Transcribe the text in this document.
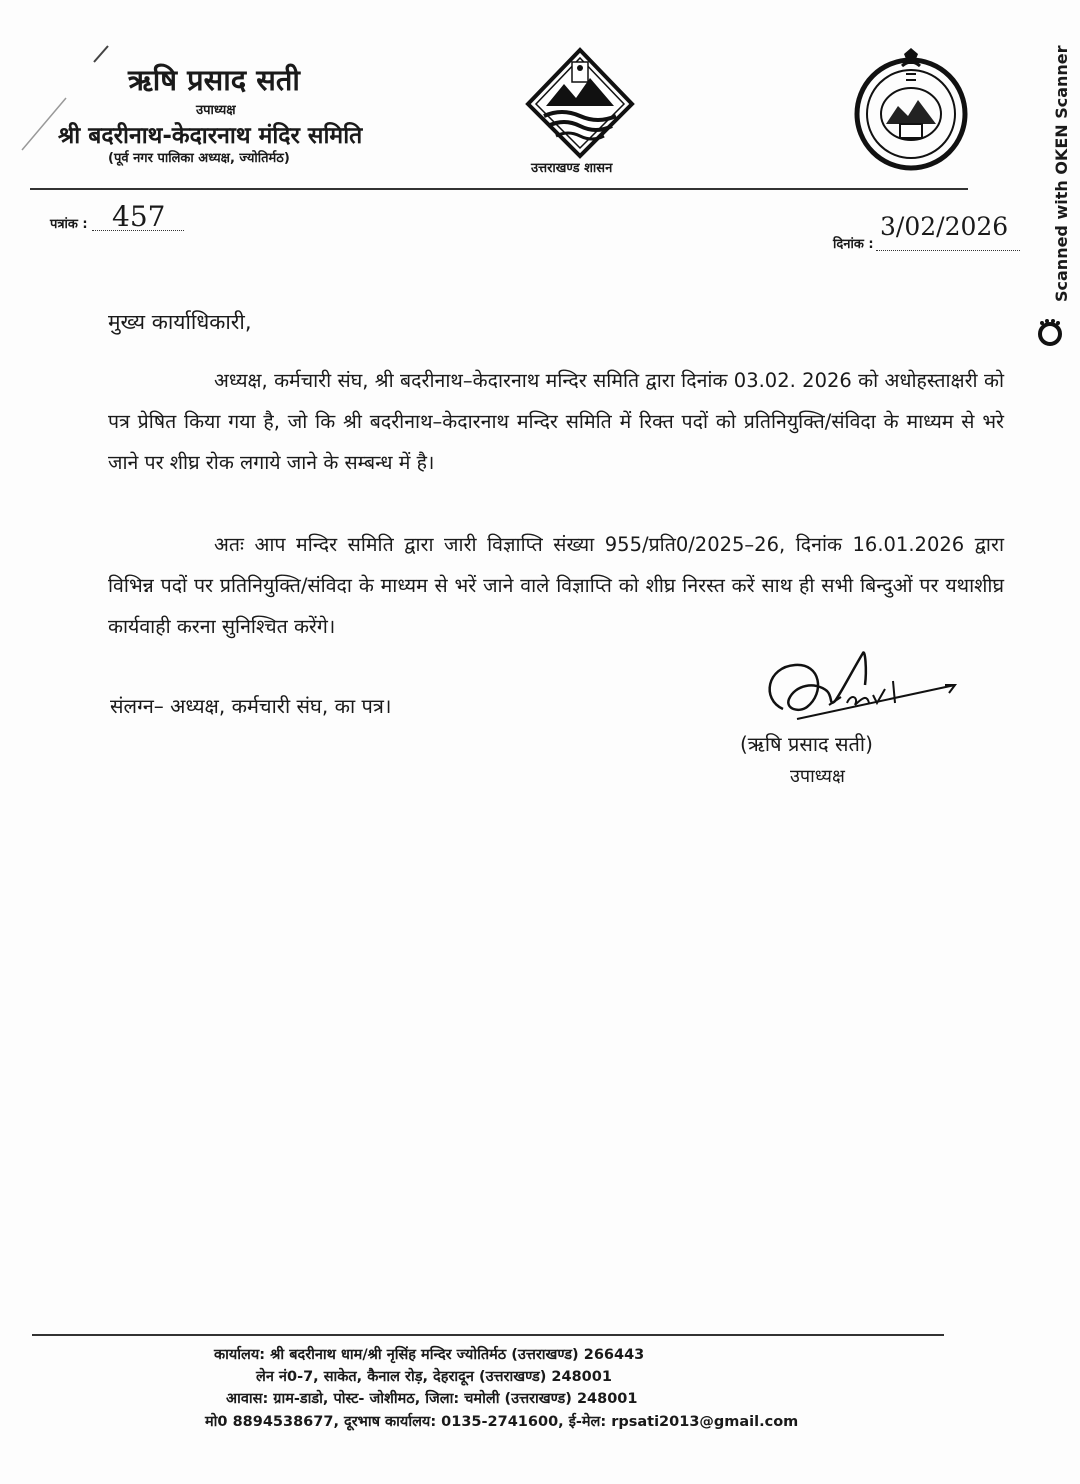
ऋषि प्रसाद सती
उपाध्यक्ष
श्री बदरीनाथ-केदारनाथ मंदिर समिति
(पूर्व नगर पालिका अध्यक्ष, ज्योतिर्मठ)
उत्तराखण्ड शासन
पत्रांक : 457
दिनांक :
3/02/2026
मुख्य कार्याधिकारी,
अध्यक्ष, कर्मचारी संघ, श्री बदरीनाथ–केदारनाथ मन्दिर समिति द्वारा दिनांक 03.02. 2026 को अधोहस्ताक्षरी को पत्र प्रेषित किया गया है, जो कि श्री बदरीनाथ–केदारनाथ मन्दिर समिति में रिक्त पदों को प्रतिनियुक्ति/संविदा के माध्यम से भरे जाने पर शीघ्र रोक लगाये जाने के सम्बन्ध में है।
अतः आप मन्दिर समिति द्वारा जारी विज्ञाप्ति संख्या 955/प्रति0/2025–26, दिनांक 16.01.2026 द्वारा विभिन्न पदों पर प्रतिनियुक्ति/संविदा के माध्यम से भरें जाने वाले विज्ञाप्ति को शीघ्र निरस्त करें साथ ही सभी बिन्दुओं पर यथाशीघ्र कार्यवाही करना सुनिश्चित करेंगे।
संलग्न– अध्यक्ष, कर्मचारी संघ, का पत्र।
(ऋषि प्रसाद सती)
उपाध्यक्ष
कार्यालय: श्री बदरीनाथ धाम/श्री नृसिंह मन्दिर ज्योतिर्मठ (उत्तराखण्ड) 266443
लेन नं0-7, साकेत, कैनाल रोड़, देहरादून (उत्तराखण्ड) 248001
आवास: ग्राम-डाडो, पोस्ट- जोशीमठ, जिला: चमोली (उत्तराखण्ड) 248001
मो0 8894538677, दूरभाष कार्यालय: 0135-2741600, ई-मेल: rpsati2013@gmail.com
Scanned with OKEN Scanner
